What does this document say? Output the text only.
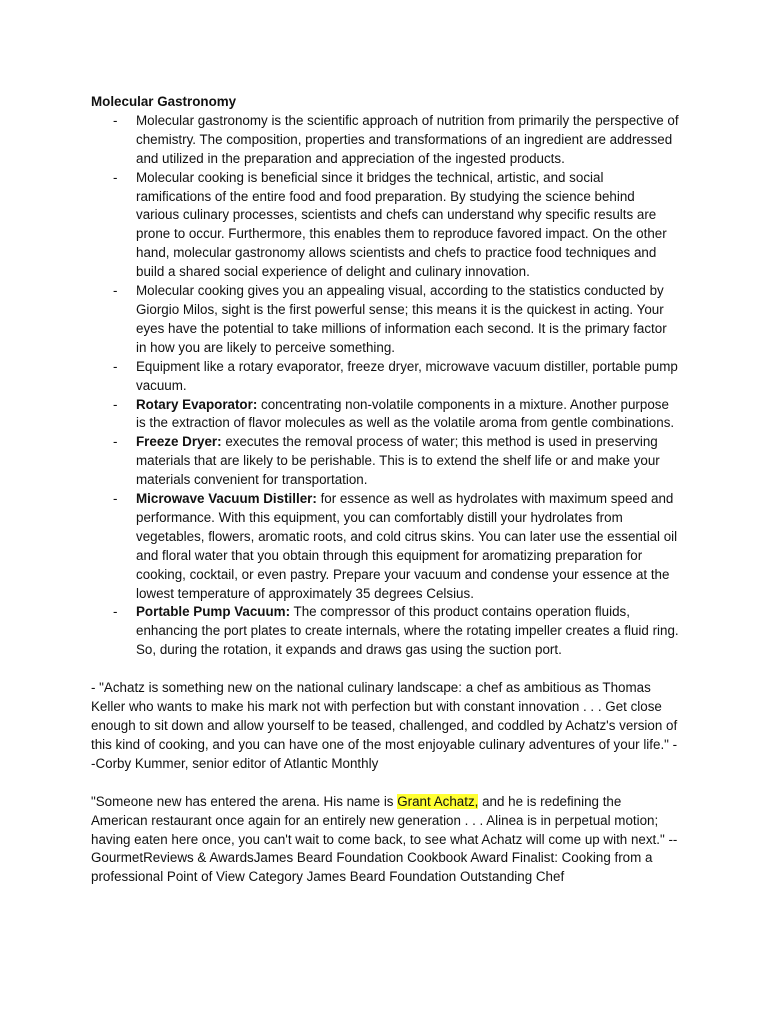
Molecular Gastronomy

- Molecular gastronomy is the scientific approach of nutrition from primarily the perspective of chemistry. The composition, properties and transformations of an ingredient are addressed and utilized in the preparation and appreciation of the ingested products.
- Molecular cooking is beneficial since it bridges the technical, artistic, and social ramifications of the entire food and food preparation. By studying the science behind various culinary processes, scientists and chefs can understand why specific results are prone to occur. Furthermore, this enables them to reproduce favored impact. On the other hand, molecular gastronomy allows scientists and chefs to practice food techniques and build a shared social experience of delight and culinary innovation.
- Molecular cooking gives you an appealing visual, according to the statistics conducted by Giorgio Milos, sight is the first powerful sense; this means it is the quickest in acting. Your eyes have the potential to take millions of information each second. It is the primary factor in how you are likely to perceive something.
- Equipment like a rotary evaporator, freeze dryer, microwave vacuum distiller, portable pump vacuum.
- Rotary Evaporator: concentrating non-volatile components in a mixture. Another purpose is the extraction of flavor molecules as well as the volatile aroma from gentle combinations.
- Freeze Dryer: executes the removal process of water; this method is used in preserving materials that are likely to be perishable. This is to extend the shelf life or and make your materials convenient for transportation.
- Microwave Vacuum Distiller: for essence as well as hydrolates with maximum speed and performance. With this equipment, you can comfortably distill your hydrolates from vegetables, flowers, aromatic roots, and cold citrus skins. You can later use the essential oil and floral water that you obtain through this equipment for aromatizing preparation for cooking, cocktail, or even pastry. Prepare your vacuum and condense your essence at the lowest temperature of approximately 35 degrees Celsius.
- Portable Pump Vacuum: The compressor of this product contains operation fluids, enhancing the port plates to create internals, where the rotating impeller creates a fluid ring. So, during the rotation, it expands and draws gas using the suction port.

- "Achatz is something new on the national culinary landscape: a chef as ambitious as Thomas Keller who wants to make his mark not with perfection but with constant innovation . . . Get close enough to sit down and allow yourself to be teased, challenged, and coddled by Achatz's version of this kind of cooking, and you can have one of the most enjoyable culinary adventures of your life." --Corby Kummer, senior editor of Atlantic Monthly

"Someone new has entered the arena. His name is Grant Achatz, and he is redefining the American restaurant once again for an entirely new generation . . . Alinea is in perpetual motion; having eaten here once, you can't wait to come back, to see what Achatz will come up with next." --GourmetReviews & AwardsJames Beard Foundation Cookbook Award Finalist: Cooking from a professional Point of View Category James Beard Foundation Outstanding Chef
